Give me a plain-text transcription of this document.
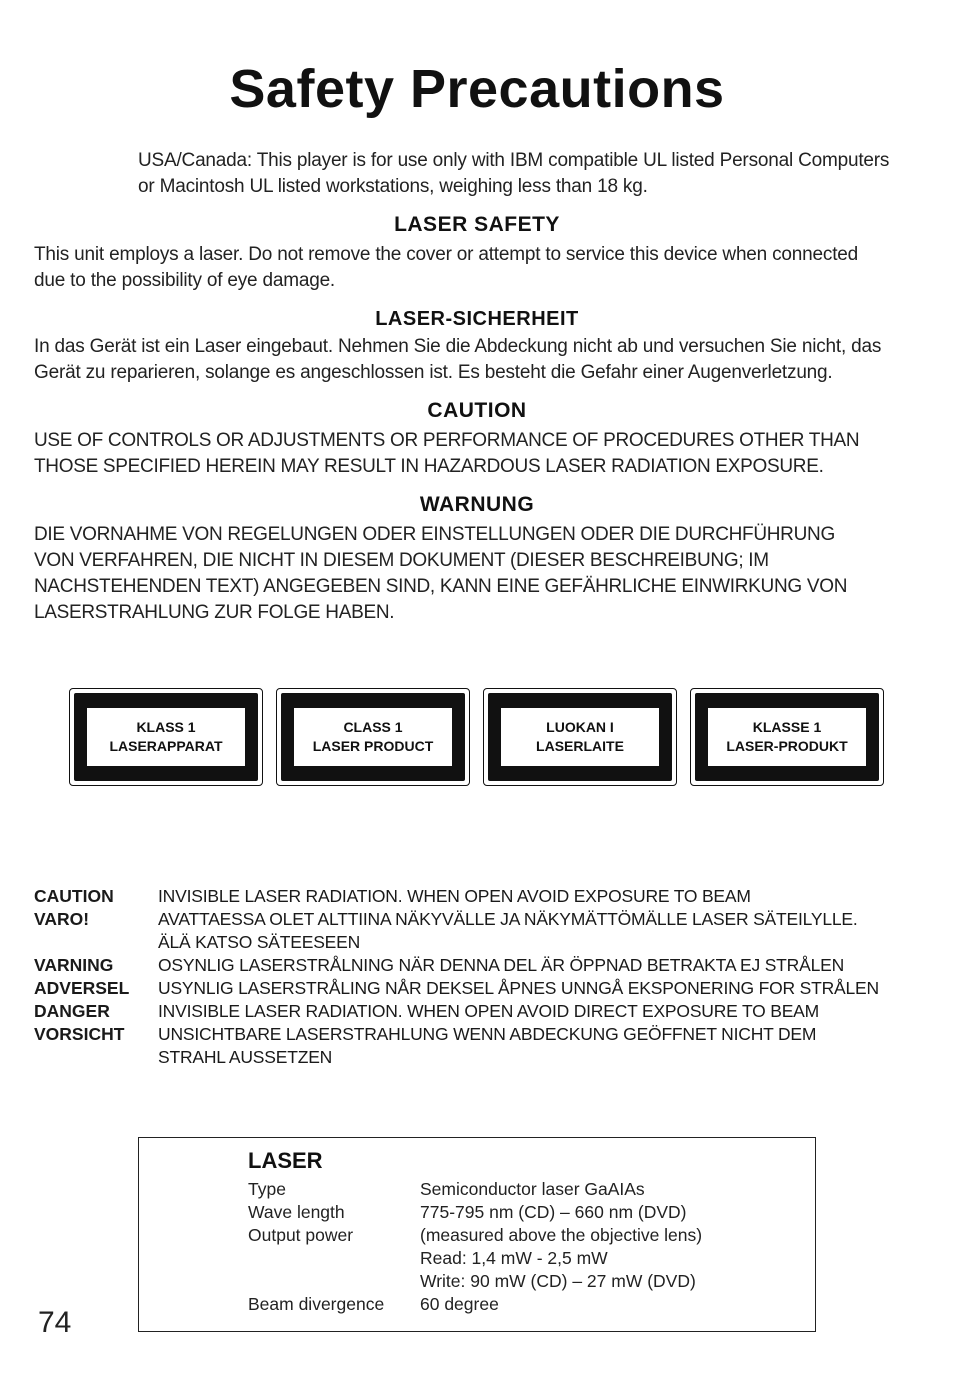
Safety Precautions
USA/Canada: This player is for use only with IBM compatible UL listed Personal Computers
or Macintosh UL listed workstations, weighing less than 18 kg.
LASER SAFETY
This unit employs a laser. Do not remove the cover or attempt to service this device when connected
due to the possibility of eye damage.
LASER-SICHERHEIT
In das Gerät ist ein Laser eingebaut. Nehmen Sie die Abdeckung nicht ab und versuchen Sie nicht, das
Gerät zu reparieren, solange es angeschlossen ist. Es besteht die Gefahr einer Augenverletzung.
CAUTION
USE OF CONTROLS OR ADJUSTMENTS OR PERFORMANCE OF PROCEDURES OTHER THAN
THOSE SPECIFIED HEREIN MAY RESULT IN HAZARDOUS LASER RADIATION EXPOSURE.
WARNUNG
DIE VORNAHME VON REGELUNGEN ODER EINSTELLUNGEN ODER DIE DURCHFÜHRUNG
VON VERFAHREN, DIE NICHT IN DIESEM DOKUMENT (DIESER BESCHREIBUNG; IM
NACHSTEHENDEN TEXT) ANGEGEBEN SIND, KANN EINE GEFÄHRLICHE EINWIRKUNG VON
LASERSTRAHLUNG ZUR FOLGE HABEN.
KLASS 1
LASERAPPARAT
CLASS 1
LASER PRODUCT
LUOKAN I
LASERLAITE
KLASSE 1
LASER-PRODUKT
CAUTION	INVISIBLE LASER RADIATION. WHEN OPEN AVOID EXPOSURE TO BEAM
VARO!	AVATTAESSA OLET ALTTIINA NÄKYVÄLLE JA NÄKYMÄTTÖMÄLLE LASER SÄTEILYLLE.
ÄLÄ KATSO SÄTEESEEN
VARNING	OSYNLIG LASERSTRÅLNING NÄR DENNA DEL ÄR ÖPPNAD BETRAKTA EJ STRÅLEN
ADVERSEL	USYNLIG LASERSTRÅLING NÅR DEKSEL ÅPNES UNNGÅ EKSPONERING FOR STRÅLEN
DANGER	INVISIBLE LASER RADIATION. WHEN OPEN AVOID DIRECT EXPOSURE TO BEAM
VORSICHT	UNSICHTBARE LASERSTRAHLUNG WENN ABDECKUNG GEÖFFNET NICHT DEM
STRAHL AUSSETZEN
LASER
Type	Semiconductor laser GaAIAs
Wave length	775-795 nm (CD) – 660 nm (DVD)
Output power	(measured above the objective lens)
Read: 1,4 mW - 2,5 mW
Write: 90 mW (CD) – 27 mW (DVD)
Beam divergence	60 degree
74
